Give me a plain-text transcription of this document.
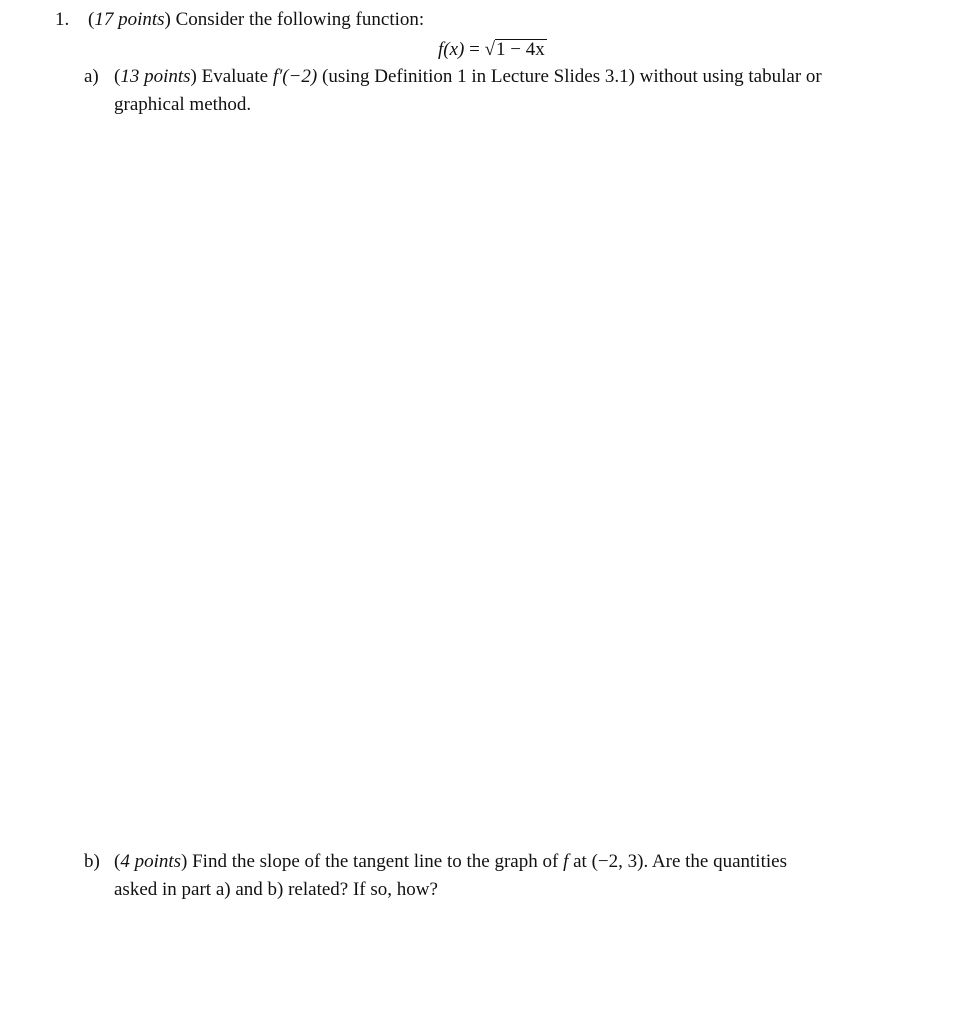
1. (17 points) Consider the following function:
f(x) = √1 − 4x
a) (13 points) Evaluate f′(−2) (using Definition 1 in Lecture Slides 3.1) without using tabular or
graphical method.
b) (4 points) Find the slope of the tangent line to the graph of f at (−2, 3). Are the quantities
asked in part a) and b) related? If so, how?
